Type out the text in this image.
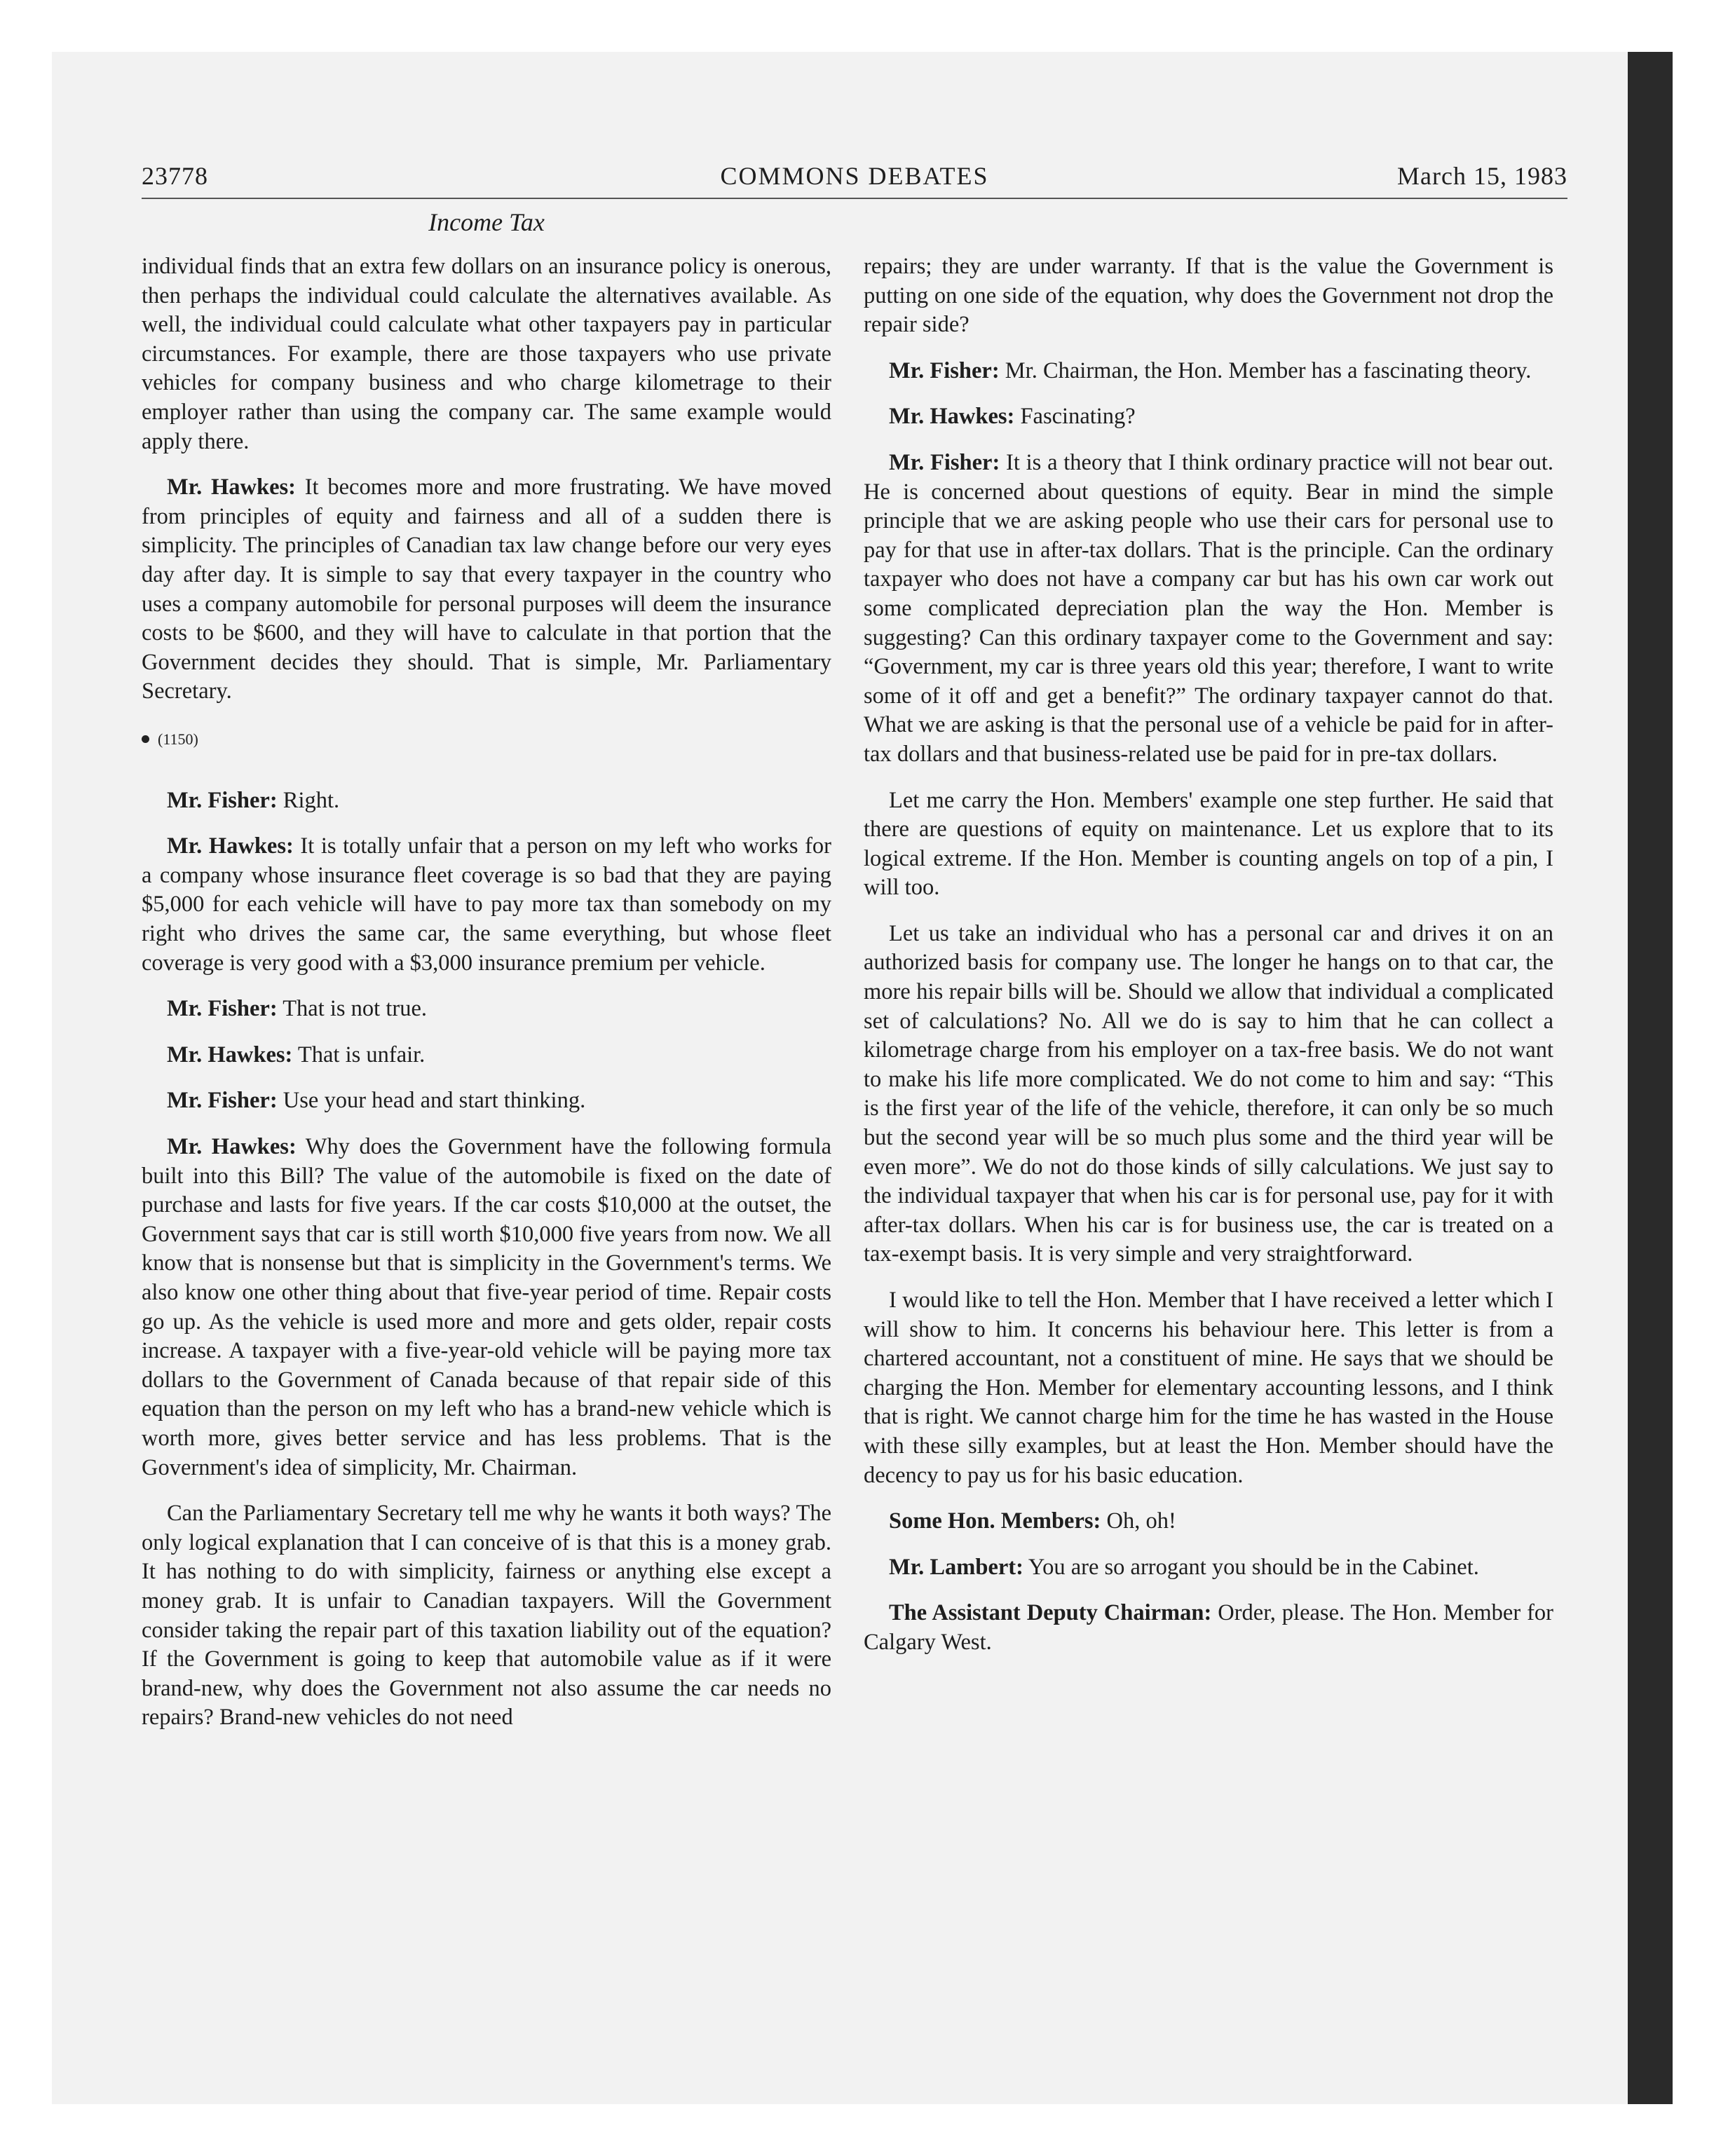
23778	COMMONS DEBATES	March 15, 1983
Income Tax

individual finds that an extra few dollars on an insurance policy is onerous, then perhaps the individual could calculate the alternatives available. As well, the individual could calculate what other taxpayers pay in particular circumstances. For example, there are those taxpayers who use private vehicles for company business and who charge kilometrage to their employer rather than using the company car. The same example would apply there.

Mr. Hawkes: It becomes more and more frustrating. We have moved from principles of equity and fairness and all of a sudden there is simplicity. The principles of Canadian tax law change before our very eyes day after day. It is simple to say that every taxpayer in the country who uses a company automobile for personal purposes will deem the insurance costs to be $600, and they will have to calculate in that portion that the Government decides they should. That is simple, Mr. Parliamentary Secretary.

(1150)

Mr. Fisher: Right.

Mr. Hawkes: It is totally unfair that a person on my left who works for a company whose insurance fleet coverage is so bad that they are paying $5,000 for each vehicle will have to pay more tax than somebody on my right who drives the same car, the same everything, but whose fleet coverage is very good with a $3,000 insurance premium per vehicle.

Mr. Fisher: That is not true.

Mr. Hawkes: That is unfair.

Mr. Fisher: Use your head and start thinking.

Mr. Hawkes: Why does the Government have the following formula built into this Bill? The value of the automobile is fixed on the date of purchase and lasts for five years. If the car costs $10,000 at the outset, the Government says that car is still worth $10,000 five years from now. We all know that is nonsense but that is simplicity in the Government's terms. We also know one other thing about that five-year period of time. Repair costs go up. As the vehicle is used more and more and gets older, repair costs increase. A taxpayer with a five-year-old vehicle will be paying more tax dollars to the Government of Canada because of that repair side of this equation than the person on my left who has a brand-new vehicle which is worth more, gives better service and has less problems. That is the Government's idea of simplicity, Mr. Chairman.

Can the Parliamentary Secretary tell me why he wants it both ways? The only logical explanation that I can conceive of is that this is a money grab. It has nothing to do with simplicity, fairness or anything else except a money grab. It is unfair to Canadian taxpayers. Will the Government consider taking the repair part of this taxation liability out of the equation? If the Government is going to keep that automobile value as if it were brand-new, why does the Government not also assume the car needs no repairs? Brand-new vehicles do not need

repairs; they are under warranty. If that is the value the Government is putting on one side of the equation, why does the Government not drop the repair side?

Mr. Fisher: Mr. Chairman, the Hon. Member has a fascinating theory.

Mr. Hawkes: Fascinating?

Mr. Fisher: It is a theory that I think ordinary practice will not bear out. He is concerned about questions of equity. Bear in mind the simple principle that we are asking people who use their cars for personal use to pay for that use in after-tax dollars. That is the principle. Can the ordinary taxpayer who does not have a company car but has his own car work out some complicated depreciation plan the way the Hon. Member is suggesting? Can this ordinary taxpayer come to the Government and say: “Government, my car is three years old this year; therefore, I want to write some of it off and get a benefit?” The ordinary taxpayer cannot do that. What we are asking is that the personal use of a vehicle be paid for in after-tax dollars and that business-related use be paid for in pre-tax dollars.

Let me carry the Hon. Members' example one step further. He said that there are questions of equity on maintenance. Let us explore that to its logical extreme. If the Hon. Member is counting angels on top of a pin, I will too.

Let us take an individual who has a personal car and drives it on an authorized basis for company use. The longer he hangs on to that car, the more his repair bills will be. Should we allow that individual a complicated set of calculations? No. All we do is say to him that he can collect a kilometrage charge from his employer on a tax-free basis. We do not want to make his life more complicated. We do not come to him and say: “This is the first year of the life of the vehicle, therefore, it can only be so much but the second year will be so much plus some and the third year will be even more”. We do not do those kinds of silly calculations. We just say to the individual taxpayer that when his car is for personal use, pay for it with after-tax dollars. When his car is for business use, the car is treated on a tax-exempt basis. It is very simple and very straightforward.

I would like to tell the Hon. Member that I have received a letter which I will show to him. It concerns his behaviour here. This letter is from a chartered accountant, not a constituent of mine. He says that we should be charging the Hon. Member for elementary accounting lessons, and I think that is right. We cannot charge him for the time he has wasted in the House with these silly examples, but at least the Hon. Member should have the decency to pay us for his basic education.

Some Hon. Members: Oh, oh!

Mr. Lambert: You are so arrogant you should be in the Cabinet.

The Assistant Deputy Chairman: Order, please. The Hon. Member for Calgary West.
